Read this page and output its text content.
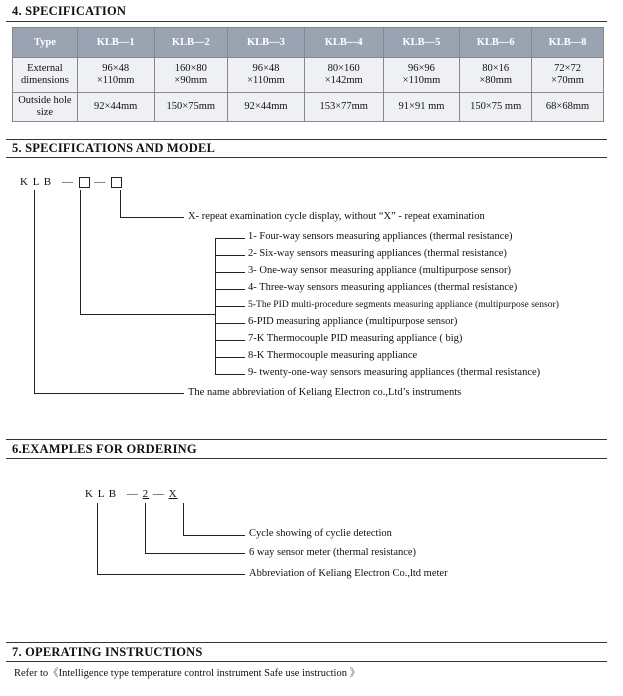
4. SPECIFICATION
Type	KLB—1	KLB—2	KLB—3	KLB—4	KLB—5	KLB—6	KLB—8
External dimensions	96×48 ×110mm	160×80 ×90mm	96×48 ×110mm	80×160 ×142mm	96×96 ×110mm	80×16 ×80mm	72×72 ×70mm
Outside hole size	92×44mm	150×75mm	92×44mm	153×77mm	91×91 mm	150×75 mm	68×68mm
5. SPECIFICATIONS AND MODEL
K L B — —
X- repeat examination cycle display, without “X” - repeat examination
1- Four-way sensors measuring appliances (thermal resistance)
2- Six-way sensors measuring appliances (thermal resistance)
3- One-way sensor measuring appliance (multipurpose sensor)
4- Three-way sensors measuring appliances (thermal resistance)
5-The PID multi-procedure segments measuring appliance (multipurpose sensor)
6-PID measuring appliance (multipurpose sensor)
7-K Thermocouple PID measuring appliance ( big)
8-K Thermocouple measuring appliance
9- twenty-one-way sensors measuring appliances (thermal resistance)
The name abbreviation of Keliang Electron co.,Ltd’s instruments
6.EXAMPLES FOR ORDERING
K L B — 2 — X
Cycle showing of cyclie detection
6 way sensor meter (thermal resistance)
Abbreviation of Keliang Electron Co.,ltd meter
7. OPERATING INSTRUCTIONS
Refer to《Intelligence type temperature control instrument Safe use instruction 》
